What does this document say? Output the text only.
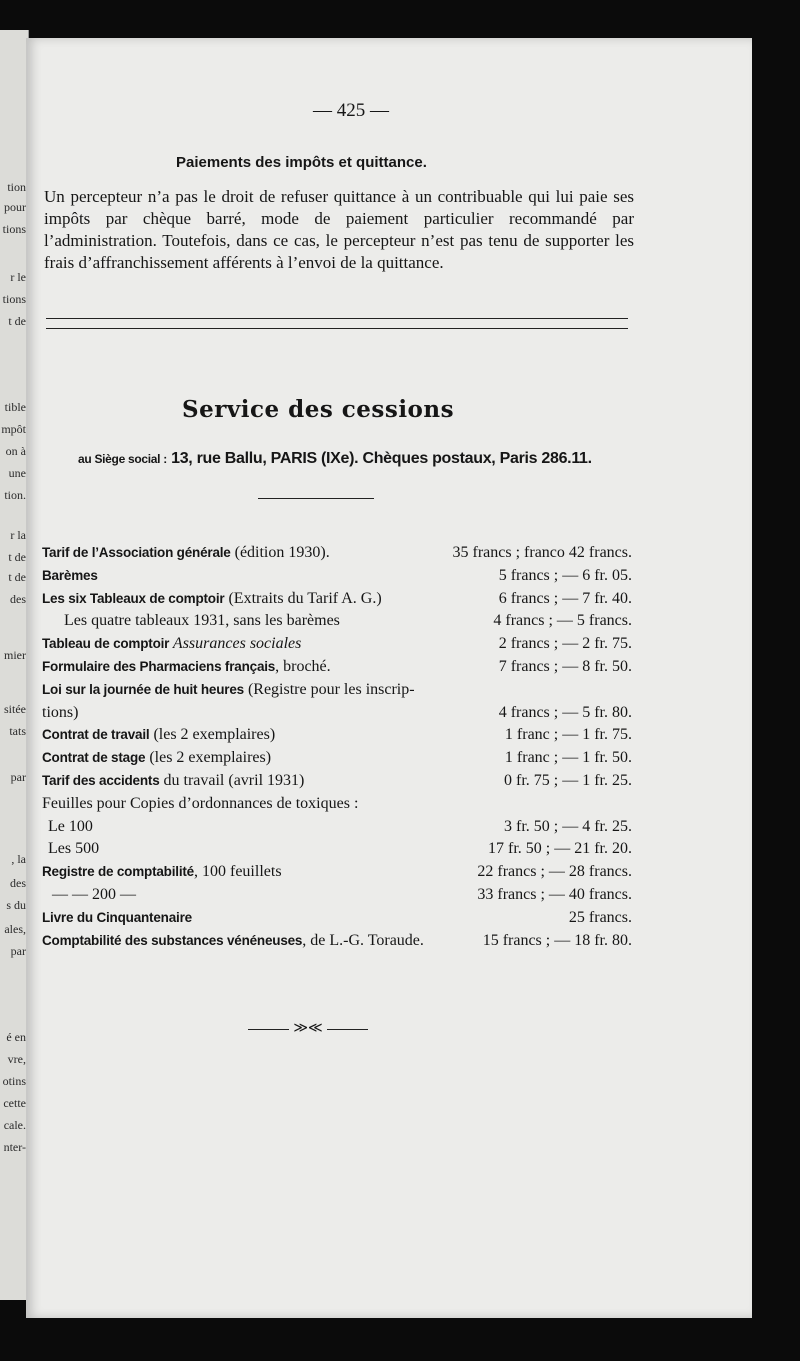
tion
pour
tions
r le
tions
t de
tible
mpôt
on à
une
tion.
r la
t de
t de
des
mier
sitée
tats
par
, la
des
s du
ales,
par
é en
vre,
otins
cette
cale.
nter-
— 425 —
Paiements des impôts et quittance.
Un percepteur n’a pas le droit de refuser quittance à un contribuable qui lui paie ses impôts par chèque barré, mode de paiement particulier recommandé par l’administration. Toutefois, dans ce cas, le percepteur n’est pas tenu de supporter les frais d’affranchissement afférents à l’envoi de la quittance.
Service des cessions
au Siège social : 13, rue Ballu, PARIS (IXe). Chèques postaux, Paris 286.11.
Tarif de l’Association générale (édition 1930).	35 francs ; franco 42 francs.
Barèmes	5 francs ; — 6 fr. 05.
Les six Tableaux de comptoir (Extraits du Tarif A. G.)	6 francs ; — 7 fr. 40.
Les quatre tableaux 1931, sans les barèmes	4 francs ; — 5 francs.
Tableau de comptoir Assurances sociales	2 francs ; — 2 fr. 75.
Formulaire des Pharmaciens français, broché.	7 francs ; — 8 fr. 50.
Loi sur la journée de huit heures (Registre pour les inscrip-
tions)	4 francs ; — 5 fr. 80.
Contrat de travail (les 2 exemplaires)	1 franc ; — 1 fr. 75.
Contrat de stage (les 2 exemplaires)	1 franc ; — 1 fr. 50.
Tarif des accidents du travail (avril 1931)	0 fr. 75 ; — 1 fr. 25.
Feuilles pour Copies d’ordonnances de toxiques :
Le 100	3 fr. 50 ; — 4 fr. 25.
Les 500	17 fr. 50 ; — 21 fr. 20.
Registre de comptabilité, 100 feuillets	22 francs ; — 28 francs.
— — 200 —	33 francs ; — 40 francs.
Livre du Cinquantenaire	25 francs.
Comptabilité des substances vénéneuses, de L.-G. Toraude.	15 francs ; — 18 fr. 80.
≫≪
